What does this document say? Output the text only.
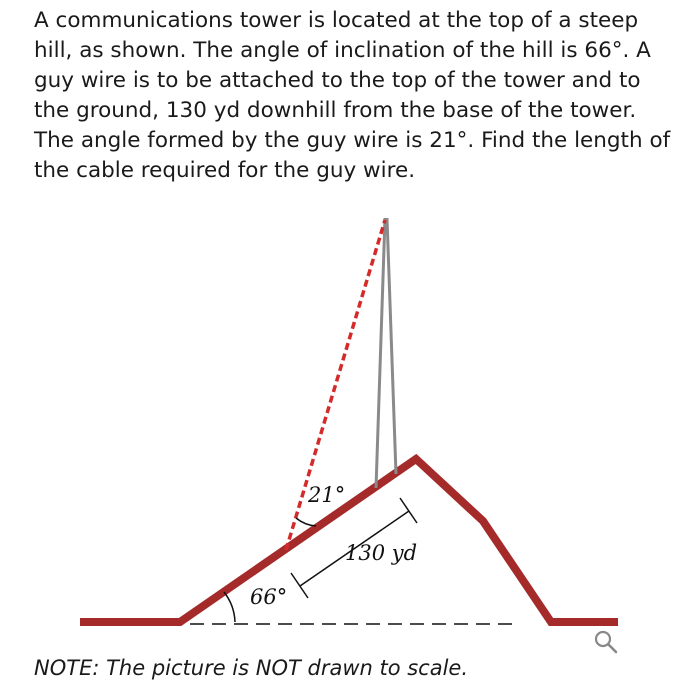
A communications tower is located at the top of a steep hill, as shown. The angle of inclination of the hill is 66°. A guy wire is to be attached to the top of the tower and to the ground, 130 yd downhill from the base of the tower. The angle formed by the guy wire is 21°. Find the length of the cable required for the guy wire.
66°
21°
130 yd
NOTE: The picture is NOT drawn to scale.
